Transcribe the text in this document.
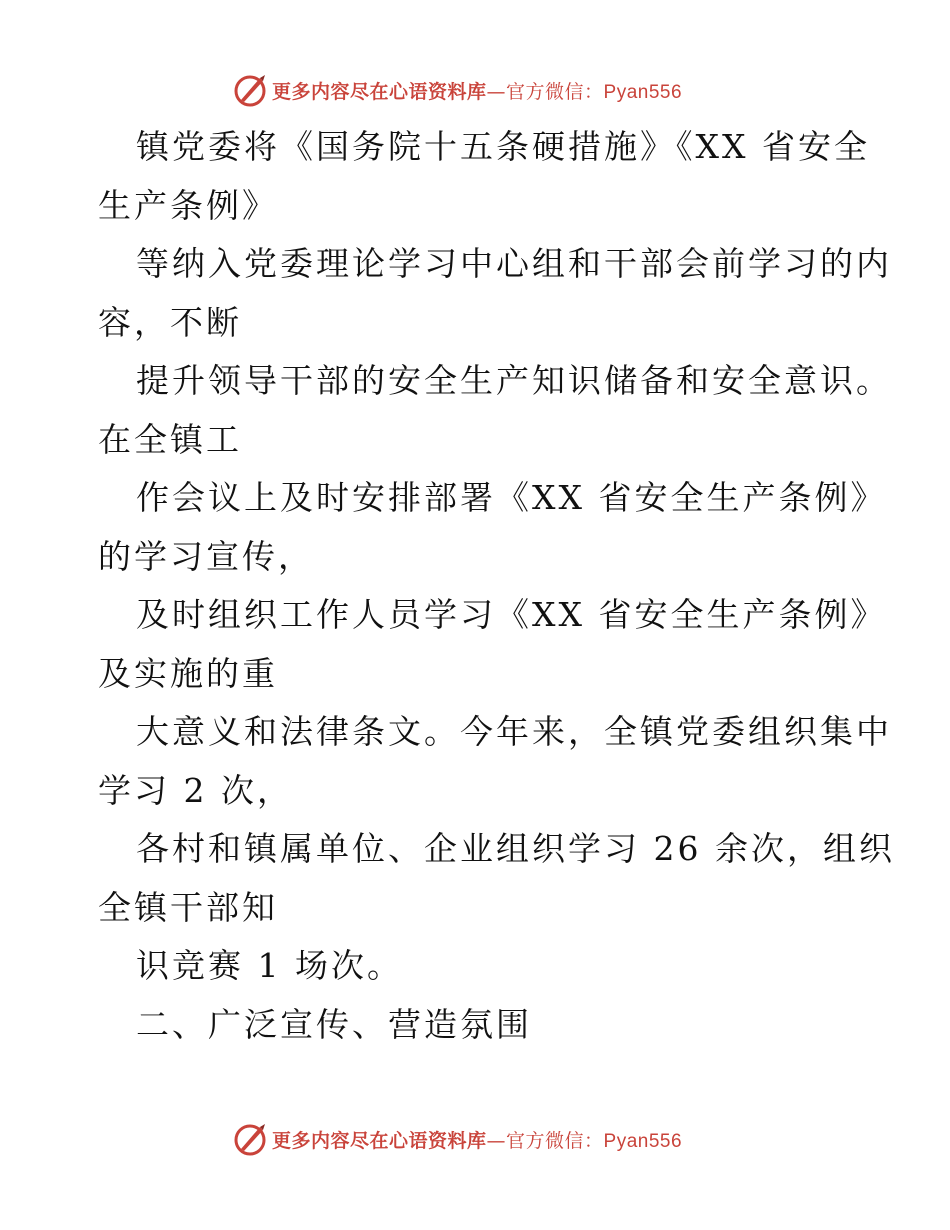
更多内容尽在心语资料库—官方微信：Pyan556
镇党委将《国务院十五条硬措施》《XX 省安全
生产条例》
等纳入党委理论学习中心组和干部会前学习的内
容，不断
提升领导干部的安全生产知识储备和安全意识。
在全镇工
作会议上及时安排部署《XX 省安全生产条例》
的学习宣传，
及时组织工作人员学习《XX 省安全生产条例》
及实施的重
大意义和法律条文。今年来，全镇党委组织集中
学习 2 次，
各村和镇属单位、企业组织学习 26 余次，组织
全镇干部知
识竞赛 1 场次。
二、广泛宣传、营造氛围
更多内容尽在心语资料库—官方微信：Pyan556
